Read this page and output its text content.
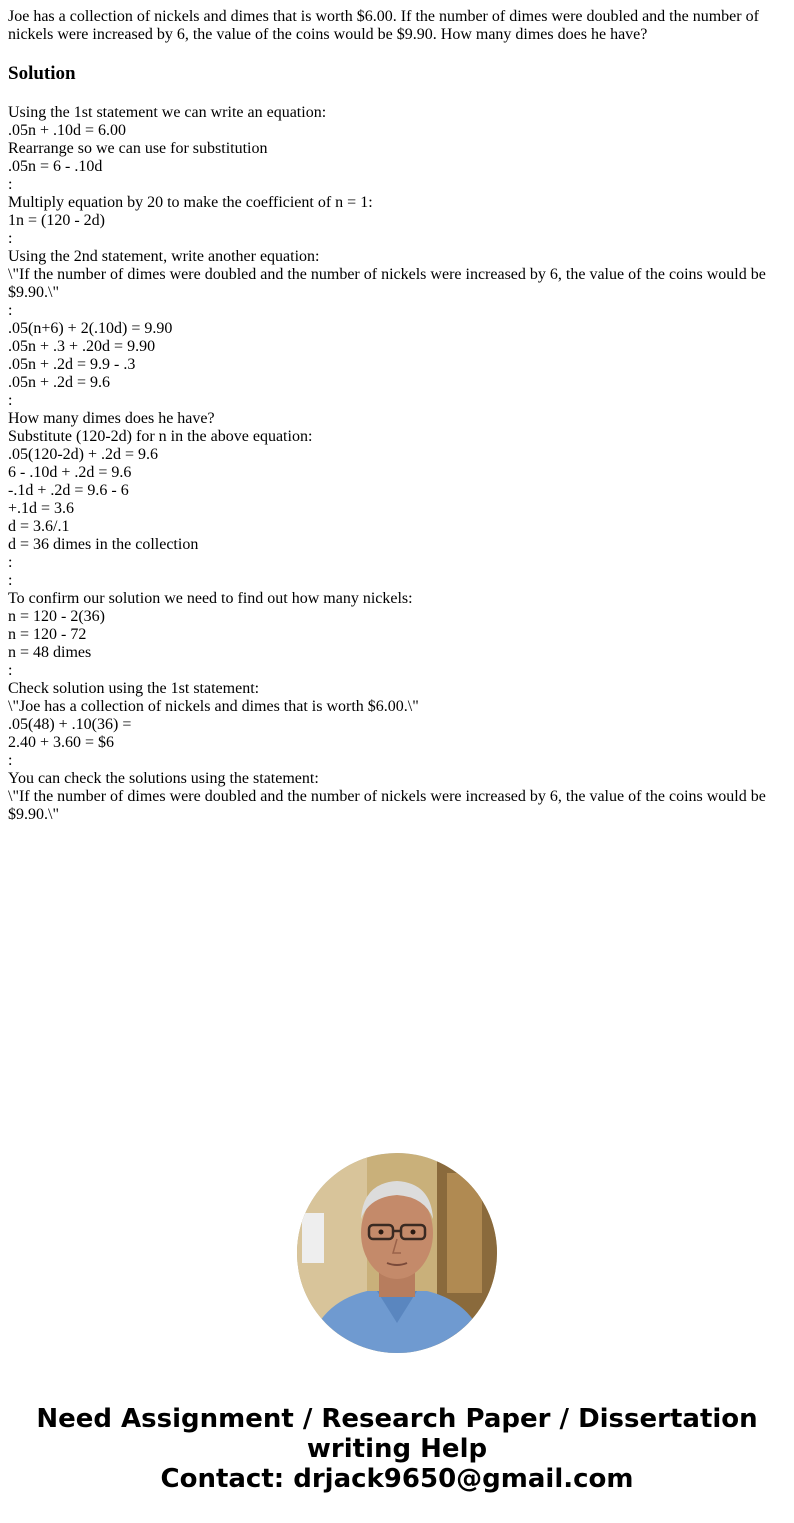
Joe has a collection of nickels and dimes that is worth $6.00. If the number of dimes were doubled and the number of nickels were increased by 6, the value of the coins would be $9.90. How many dimes does he have?

Solution
Using the 1st statement we can write an equation:
.05n + .10d = 6.00
Rearrange so we can use for substitution
.05n = 6 - .10d
:
Multiply equation by 20 to make the coefficient of n = 1:
1n = (120 - 2d)
:
Using the 2nd statement, write another equation:
\"If the number of dimes were doubled and the number of nickels were increased by 6, the value of the coins would be $9.90.\"
:
.05(n+6) + 2(.10d) = 9.90
.05n + .3 + .20d = 9.90
.05n + .2d = 9.9 - .3
.05n + .2d = 9.6
:
How many dimes does he have?
Substitute (120-2d) for n in the above equation:
.05(120-2d) + .2d = 9.6
6 - .10d + .2d = 9.6
-.1d + .2d = 9.6 - 6
+.1d = 3.6
d = 3.6/.1
d = 36 dimes in the collection
:
:
To confirm our solution we need to find out how many nickels:
n = 120 - 2(36)
n = 120 - 72
n = 48 dimes
:
Check solution using the 1st statement:
\"Joe has a collection of nickels and dimes that is worth $6.00.\"
.05(48) + .10(36) =
2.40 + 3.60 = $6
:
You can check the solutions using the statement:
\"If the number of dimes were doubled and the number of nickels were increased by 6, the value of the coins would be $9.90.\"
Need Assignment / Research Paper / Dissertation writing Help
Contact: drjack9650@gmail.com
